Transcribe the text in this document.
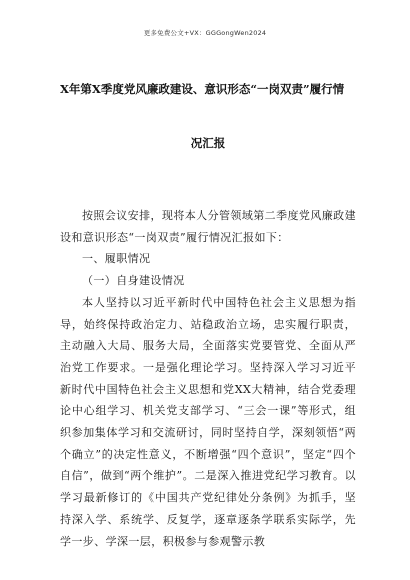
更多免费公文+VX：GGGongWen2024
X年第X季度党风廉政建设、意识形态“一岗双责”履行情
况汇报

按照会议安排，现将本人分管领域第二季度党风廉政建设和意识形态“一岗双责”履行情况汇报如下：

一、履职情况

（一）自身建设情况

本人坚持以习近平新时代中国特色社会主义思想为指导，始终保持政治定力、站稳政治立场，忠实履行职责，主动融入大局、服务大局，全面落实党要管党、全面从严治党工作要求。一是强化理论学习。坚持深入学习习近平新时代中国特色社会主义思想和党XX大精神，结合党委理论中心组学习、机关党支部学习、“三会一课”等形式，组织参加集体学习和交流研讨，同时坚持自学，深刻领悟“两个确立”的决定性意义，不断增强“四个意识”，坚定“四个自信”，做到“两个维护”。二是深入推进党纪学习教育。以学习最新修订的《中国共产党纪律处分条例》为抓手，坚持深入学、系统学、反复学，逐章逐条学联系实际学，先学一步、学深一层，积极参与参观警示教
